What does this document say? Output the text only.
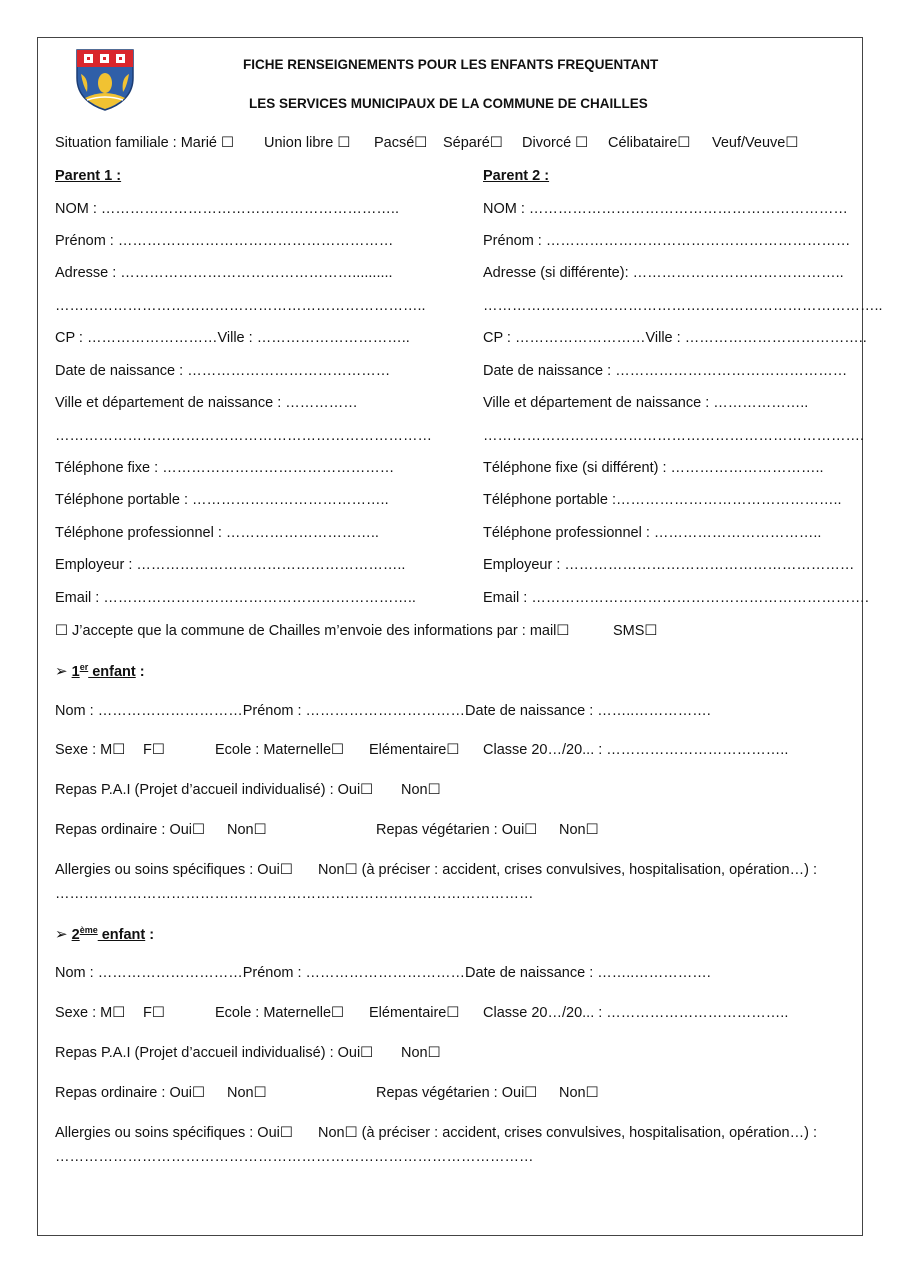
FICHE RENSEIGNEMENTS POUR LES ENFANTS FREQUENTANT
LES SERVICES MUNICIPAUX DE LA COMMUNE DE CHAILLES
Situation familiale : Marié ☐ Union libre ☐ Pacsé☐ Séparé☐ Divorcé ☐ Célibataire☐ Veuf/Veuve☐
Parent 1 :
NOM : ……………………………………………………..
Prénom : …………………………………………………
Adresse : …………………………………………..........
…………………………………………………………………..
CP : ………………………Ville : …………………………..
Date de naissance : ……………………………………
Ville et département de naissance : ……………
……………………………………………………………………
Téléphone fixe : …………………………………………
Téléphone portable : …………………………………..
Téléphone professionnel : …………………………..
Employeur : ………………………………………………..
Email : ………………………………………………………..
Parent 2 :
NOM : …………………………………………………………
Prénom : ………………………………………………………
Adresse (si différente): ……………………………………..
………………………………………………………………………..
CP : ………………………Ville : ………………………………..
Date de naissance : …………………………………………
Ville et département de naissance : ………………..
…………………………………………………………………….
Téléphone fixe (si différent) : …………………………..
Téléphone portable :………………………………………..
Téléphone professionnel : ……………………………..
Employeur : ……………………………………………………
Email : …………………………………………………………….
☐ J’accepte que la commune de Chailles m’envoie des informations par : mail☐	SMS☐
➢ 1er enfant :
Nom : …………………………Prénom : ……………………………Date de naissance : ……..…………….
Sexe : M☐ F☐	Ecole : Maternelle☐ Elémentaire☐ Classe 20…/20... : ………………………………..
Repas P.A.I (Projet d’accueil individualisé) : Oui☐ Non☐
Repas ordinaire : Oui☐ Non☐	Repas végétarien : Oui☐ Non☐
Allergies ou soins spécifiques : Oui☐ Non☐ (à préciser : accident, crises convulsives, hospitalisation, opération…) :
………………………………………………………………………………………
➢ 2ème enfant :
Nom : …………………………Prénom : ……………………………Date de naissance : ……..…………….
Sexe : M☐ F☐	Ecole : Maternelle☐ Elémentaire☐ Classe 20…/20... : ………………………………..
Repas P.A.I (Projet d’accueil individualisé) : Oui☐ Non☐
Repas ordinaire : Oui☐ Non☐	Repas végétarien : Oui☐ Non☐
Allergies ou soins spécifiques : Oui☐ Non☐ (à préciser : accident, crises convulsives, hospitalisation, opération…) :
………………………………………………………………………………………
